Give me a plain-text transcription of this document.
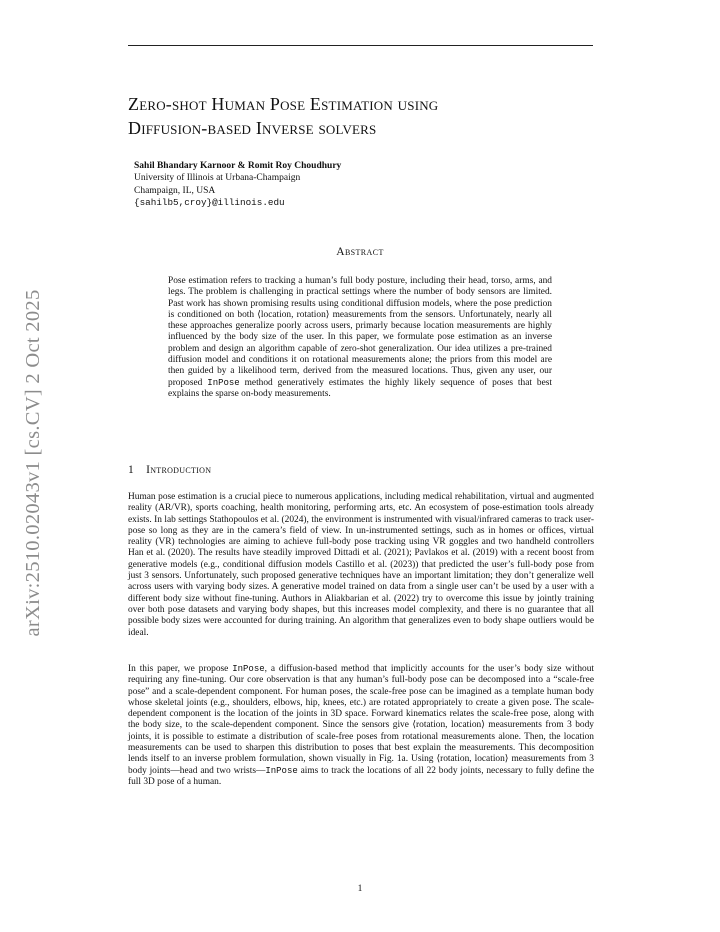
arXiv:2510.02043v1 [cs.CV] 2 Oct 2025
Zero-shot Human Pose Estimation using
Diffusion-based Inverse solvers
Sahil Bhandary Karnoor & Romit Roy Choudhury
University of Illinois at Urbana-Champaign
Champaign, IL, USA
{sahilb5,croy}@illinois.edu
Abstract

Pose estimation refers to tracking a human’s full body posture, including their head, torso, arms, and legs. The problem is challenging in practical settings where the number of body sensors are limited. Past work has shown promising results using conditional diffusion models, where the pose prediction is conditioned on both ⟨location, rotation⟩ measurements from the sensors. Unfortunately, nearly all these approaches generalize poorly across users, primarly because location measurements are highly influenced by the body size of the user. In this paper, we formulate pose estimation as an inverse problem and design an algorithm capable of zero-shot generalization. Our idea utilizes a pre-trained diffusion model and conditions it on rotational measurements alone; the priors from this model are then guided by a likelihood term, derived from the measured locations. Thus, given any user, our proposed InPose method generatively estimates the highly likely sequence of poses that best explains the sparse on-body measurements.

1 Introduction

Human pose estimation is a crucial piece to numerous applications, including medical rehabilitation, virtual and augmented reality (AR/VR), sports coaching, health monitoring, performing arts, etc. An ecosystem of pose-estimation tools already exists. In lab settings Stathopoulos et al. (2024), the environment is instrumented with visual/infrared cameras to track user-pose so long as they are in the camera’s field of view. In un-instrumented settings, such as in homes or offices, virtual reality (VR) technologies are aiming to achieve full-body pose tracking using VR goggles and two handheld controllers Han et al. (2020). The results have steadily improved Dittadi et al. (2021); Pavlakos et al. (2019) with a recent boost from generative models (e.g., conditional diffusion models Castillo et al. (2023)) that predicted the user’s full-body pose from just 3 sensors. Unfortunately, such proposed generative techniques have an important limitation; they don’t generalize well across users with varying body sizes. A generative model trained on data from a single user can’t be used by a user with a different body size without fine-tuning. Authors in Aliakbarian et al. (2022) try to overcome this issue by jointly training over both pose datasets and varying body shapes, but this increases model complexity, and there is no guarantee that all possible body sizes were accounted for during training. An algorithm that generalizes even to body shape outliers would be ideal.

In this paper, we propose InPose, a diffusion-based method that implicitly accounts for the user’s body size without requiring any fine-tuning. Our core observation is that any human’s full-body pose can be decomposed into a “scale-free pose” and a scale-dependent component. For human poses, the scale-free pose can be imagined as a template human body whose skeletal joints (e.g., shoulders, elbows, hip, knees, etc.) are rotated appropriately to create a given pose. The scale-dependent component is the location of the joints in 3D space. Forward kinematics relates the scale-free pose, along with the body size, to the scale-dependent component. Since the sensors give ⟨rotation, location⟩ measurements from 3 body joints, it is possible to estimate a distribution of scale-free poses from rotational measurements alone. Then, the location measurements can be used to sharpen this distribution to poses that best explain the measurements. This decomposition lends itself to an inverse problem formulation, shown visually in Fig. 1a. Using ⟨rotation, location⟩ measurements from 3 body joints—head and two wrists—InPose aims to track the locations of all 22 body joints, necessary to fully define the full 3D pose of a human.

1
